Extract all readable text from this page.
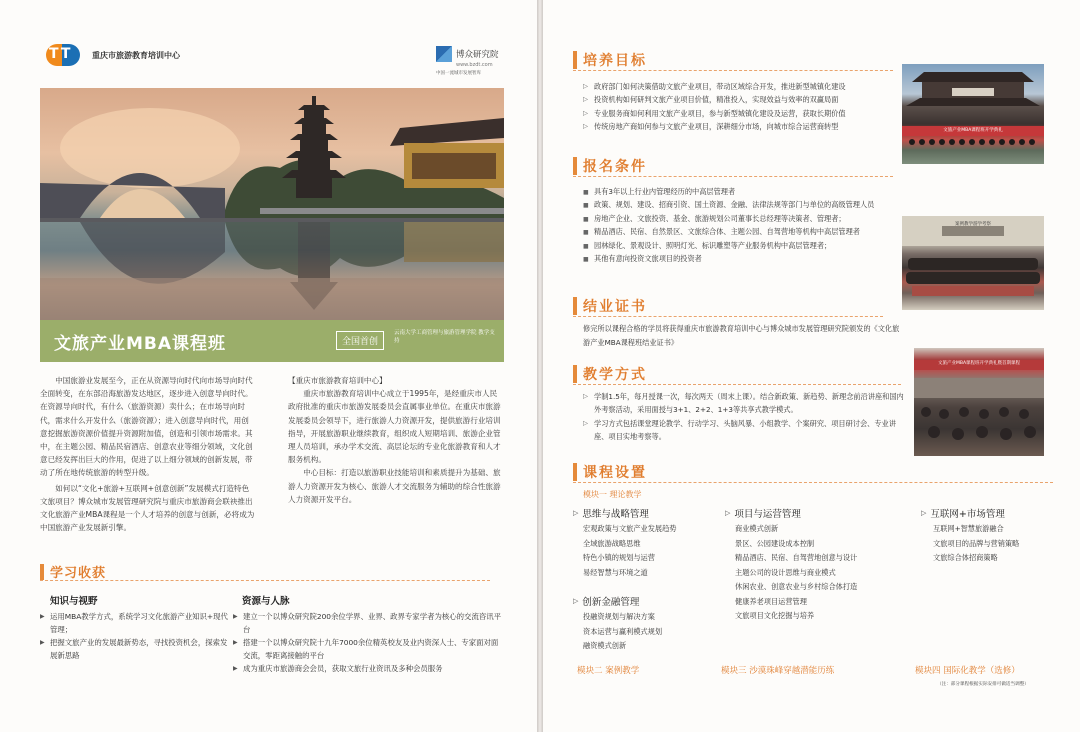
TT 重庆市旅游教育培训中心	博众研究院
www.bzdt.com
中国一流城市发展智库
文旅产业MBA课程班	全国首创
云南大学工商管理与旅游管理学院 教学支持

中国旅游业发展至今，正在从资源导向时代向市场导向时代全面转变，在东部沿海旅游发达地区，逐步进入创意导向时代。在资源导向时代，有什么（旅游资源）卖什么；在市场导向时代，需求什么开发什么（旅游资源）；进入创意导向时代，用创意挖掘旅游资源价值提升资源附加值，创造和引领市场需求。其中，在主题公园、精品民宿酒店、创意农业等细分领域，文化创意已经发挥出巨大的作用，促进了以上细分领域的创新发展，带动了所在地传统旅游的转型升级。

如何以“文化+旅游+互联网+创意创新”发展模式打造特色文旅项目？博众城市发展管理研究院与重庆市旅游商会联袂推出文化旅游产业MBA课程是一个人才培养的创意与创新，必将成为中国旅游产业发展新引擎。

【重庆市旅游教育培训中心】

重庆市旅游教育培训中心成立于1995年，是经重庆市人民政府批准的重庆市旅游发展委员会直属事业单位。在重庆市旅游发展委员会领导下，进行旅游人力资源开发，提供旅游行业培训指导，开展旅游职业继续教育，组织成人短期培训、旅游企业管理人员培训，承办学术交流、高层论坛的专业化旅游教育和人才服务机构。

中心目标：打造以旅游职业技能培训和素质提升为基础、旅游人力资源开发为核心、旅游人才交流服务为辅助的综合性旅游人力资源开发平台。

学习收获
知识与视野
▶ 运用MBA教学方式，系统学习文化旅游产业知识+现代管理；
▶ 把握文旅产业的发展最新势态，寻找投资机会，探索发展新思路
资源与人脉
▶ 建立一个以博众研究院200余位学界、业界、政界专家学者为核心的交流咨讯平台
▶ 搭建一个以博众研究院十九年7000余位精英校友及业内资深人士、专家面对面交流，零距离接触的平台
▶ 成为重庆市旅游商会会员，获取文旅行业资讯及多种会员服务
培养目标
▷ 政府部门如何决策借助文旅产业项目，带动区域综合开发，推进新型城镇化建设
▷ 投资机构如何研判文旅产业项目价值，精准投入，实现效益与效率的双赢局面
▷ 专业服务商如何利用文旅产业项目，参与新型城镇化建设及运营，获取长期价值
▷ 传统房地产商如何参与文旅产业项目，深耕细分市场，向城市综合运营商转型	文旅产业MBA课程班开学典礼
报名条件
■ 具有3年以上行业内管理经历的中高层管理者
■ 政策、规划、建设、招商引资、国土资源、金融、法律法规等部门与单位的高级管理人员
■ 房地产企业、文旅投资、基金、旅游规划公司董事长总经理等决策者、管理者；
■ 精品酒店、民宿、自然景区、文旅综合体、主题公园、自驾营地等机构中高层管理者
■ 园林绿化、景观设计、照明灯光、标识雕塑等产业服务机构中高层管理者；
■ 其他有意向投资文旅项目的投资者
案例教学游学考察
结业证书
修完所以课程合格的学员将获得重庆市旅游教育培训中心与博众城市发展管理研究院颁发的《文化旅游产业MBA课程班结业证书》
教学方式
▷ 学制1.5年，每月授课一次，每次两天（周末上课）。结合新政策、新趋势、新理念前沿讲座和国内外考察活动，采用面授与3+1、2+2、1+3等共享式教学模式。
▷ 学习方式包括课堂理论教学、行动学习、头脑风暴、小组教学、个案研究、项目研讨会、专业讲座、项目实地考察等。
文旅产业MBA课程班开学典礼暨首期课程
课程设置
模块一 理论教学
▷ 思维与战略管理
宏观政策与文旅产业发展趋势
全域旅游战略思维
特色小镇的规划与运营
易经智慧与环境之道
▷ 创新金融管理
投融资规划与解决方案
资本运营与赢利模式规划
融资模式创新
▷ 项目与运营管理
商业模式创新
景区、公园建设成本控制
精品酒店、民宿、自驾营地创意与设计
主题公司的设计思维与商业模式
休闲农业、创意农业与乡村综合体打造
健康养老项目运营管理
文旅项目文化挖掘与培养
▷ 互联网+市场管理
互联网+智慧旅游融合
文旅项目的品牌与营销策略
文旅综合体招商策略
模块二 案例教学	模块三 沙漠珠峰穿越潜能历练	模块四 国际化教学（选修）
（注：部分课程根据实际安排可做适当调整）
